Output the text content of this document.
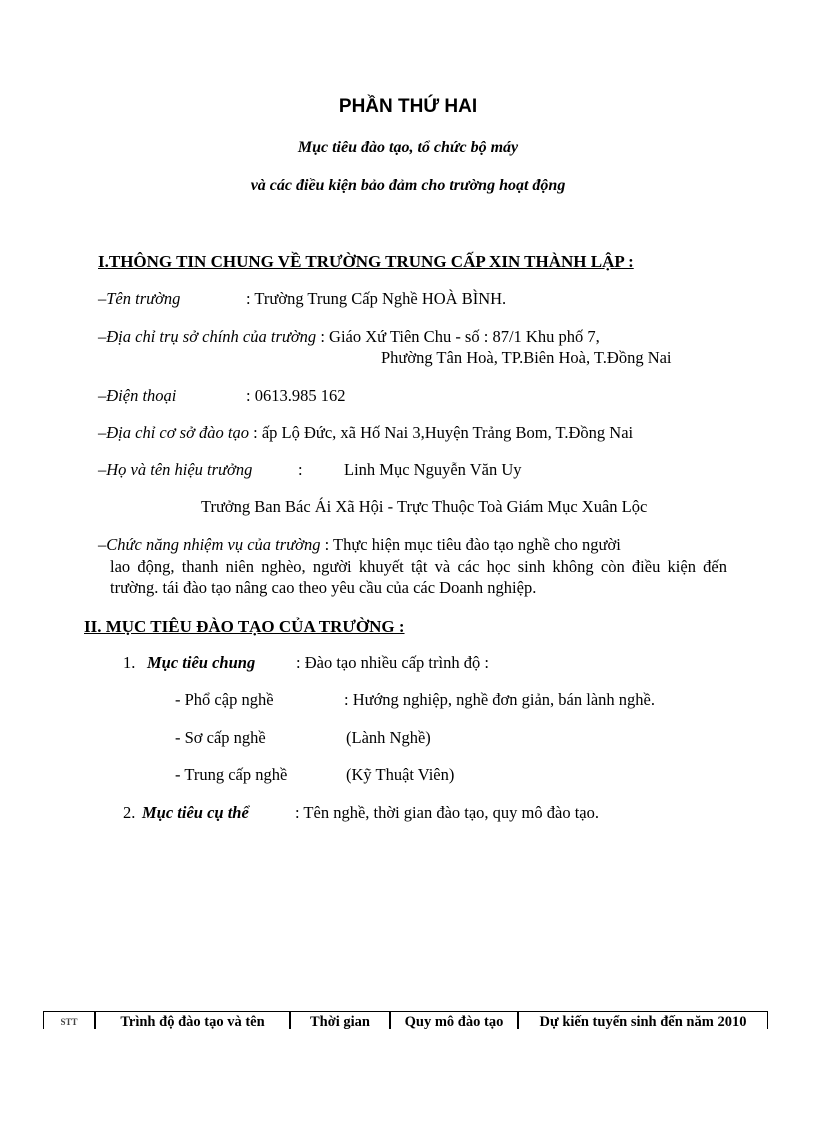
PHẦN THỨ HAI
Mục tiêu đào tạo, tổ chức bộ máy
và các điều kiện bảo đảm cho trường hoạt động
I.THÔNG TIN CHUNG VỀ TRƯỜNG TRUNG CẤP XIN THÀNH LẬP :
–Tên trường	: Trường Trung Cấp Nghề HOÀ BÌNH.
–Địa chỉ trụ sở chính của trường : Giáo Xứ Tiên Chu - số : 87/1 Khu phố 7,
Phường Tân Hoà, TP.Biên Hoà, T.Đồng Nai
–Điện thoại	: 0613.985 162
–Địa chỉ cơ sở đào tạo : ấp Lộ Đức, xã Hố Nai 3,Huyện Trảng Bom, T.Đồng Nai
–Họ và tên hiệu trưởng	:	Linh Mục Nguyễn Văn Uy
Trưởng Ban Bác Ái Xã Hội - Trực Thuộc Toà Giám Mục Xuân Lộc
–Chức năng nhiệm vụ của trường : Thực hiện mục tiêu đào tạo nghề cho người
lao động, thanh niên nghèo, người khuyết tật và các học sinh không còn điều kiện đến trường. tái đào tạo nâng cao theo yêu cầu của các Doanh nghiệp.
II. MỤC TIÊU ĐÀO TẠO CỦA TRƯỜNG :
1. Mục tiêu chung : Đào tạo nhiều cấp trình độ :
- Phổ cập nghề	: Hướng nghiệp, nghề đơn giản, bán lành nghề.
- Sơ cấp nghề	(Lành Nghề)
- Trung cấp nghề	(Kỹ Thuật Viên)
2. Mục tiêu cụ thể	: Tên nghề, thời gian đào tạo, quy mô đào tạo.
STT	Trình độ đào tạo và tên	Thời gian	Quy mô đào tạo	Dự kiến tuyển sinh đến năm 2010
